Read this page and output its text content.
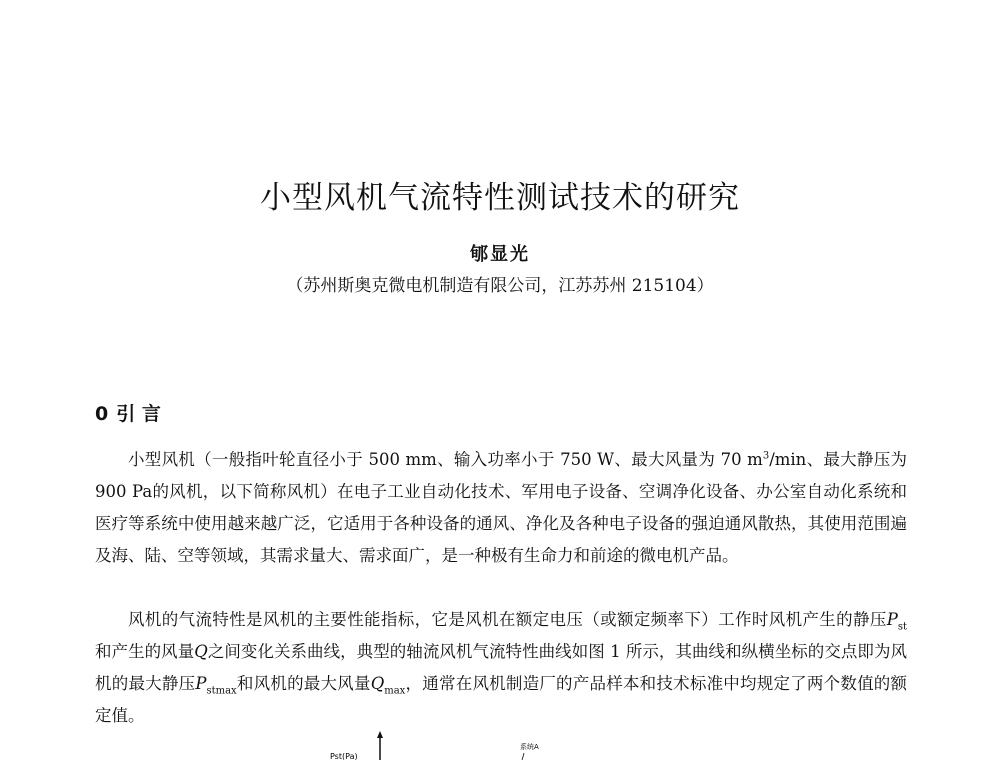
小型风机气流特性测试技术的研究
郇显光
（苏州斯奥克微电机制造有限公司，江苏苏州 215104）
0 引 言

小型风机（一般指叶轮直径小于 500 mm、输入功率小于 750 W、最大风量为 70 $m^3/\min$、最大静压为 900 Pa的风机，以下简称风机）在电子工业自动化技术、军用电子设备、空调净化设备、办公室自动化系统和医疗等系统中使用越来越广泛，它适用于各种设备的通风、净化及各种电子设备的强迫通风散热，其使用范围遍及海、陆、空等领域，其需求量大、需求面广，是一种极有生命力和前途的微电机产品。

风机的气流特性是风机的主要性能指标，它是风机在额定电压（或额定频率下）工作时风机产生的静压$P_{st}$和产生的风量Q之间变化关系曲线，典型的轴流风机气流特性曲线如图 1 所示，其曲线和纵横坐标的交点即为风机的最大静压$P_{stmax}$和风机的最大风量$Q_{max}$，通常在风机制造厂的产品样本和技术标准中均规定了两个数值的额定值。

Pst(Pa)
系统A
